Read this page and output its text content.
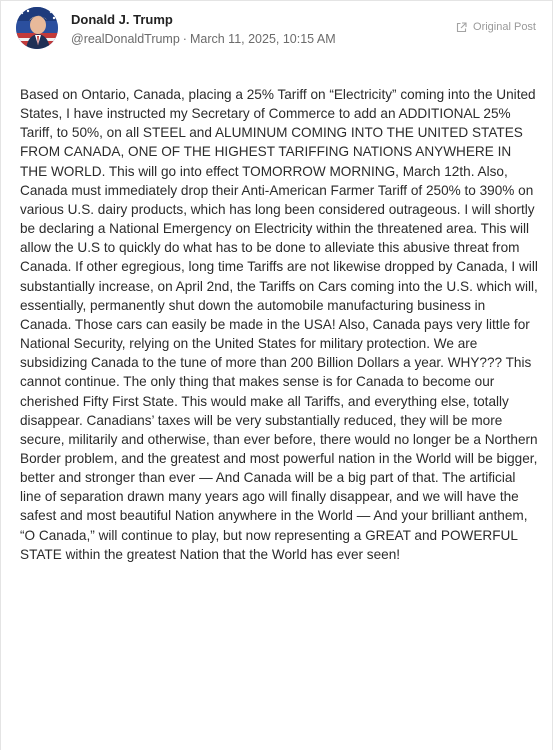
Donald J. Trump
@realDonaldTrump · March 11, 2025, 10:15 AM
Original Post

Based on Ontario, Canada, placing a 25% Tariff on “Electricity” coming into the United States, I have instructed my Secretary of Commerce to add an ADDITIONAL 25% Tariff, to 50%, on all STEEL and ALUMINUM COMING INTO THE UNITED STATES FROM CANADA, ONE OF THE HIGHEST TARIFFING NATIONS ANYWHERE IN THE WORLD. This will go into effect TOMORROW MORNING, March 12th. Also, Canada must immediately drop their Anti-American Farmer Tariff of 250% to 390% on various U.S. dairy products, which has long been considered outrageous. I will shortly be declaring a National Emergency on Electricity within the threatened area. This will allow the U.S to quickly do what has to be done to alleviate this abusive threat from Canada. If other egregious, long time Tariffs are not likewise dropped by Canada, I will substantially increase, on April 2nd, the Tariffs on Cars coming into the U.S. which will, essentially, permanently shut down the automobile manufacturing business in Canada. Those cars can easily be made in the USA! Also, Canada pays very little for National Security, relying on the United States for military protection. We are subsidizing Canada to the tune of more than 200 Billion Dollars a year. WHY??? This cannot continue. The only thing that makes sense is for Canada to become our cherished Fifty First State. This would make all Tariffs, and everything else, totally disappear. Canadians’ taxes will be very substantially reduced, they will be more secure, militarily and otherwise, than ever before, there would no longer be a Northern Border problem, and the greatest and most powerful nation in the World will be bigger, better and stronger than ever — And Canada will be a big part of that. The artificial line of separation drawn many years ago will finally disappear, and we will have the safest and most beautiful Nation anywhere in the World — And your brilliant anthem, “O Canada,” will continue to play, but now representing a GREAT and POWERFUL STATE within the greatest Nation that the World has ever seen!
